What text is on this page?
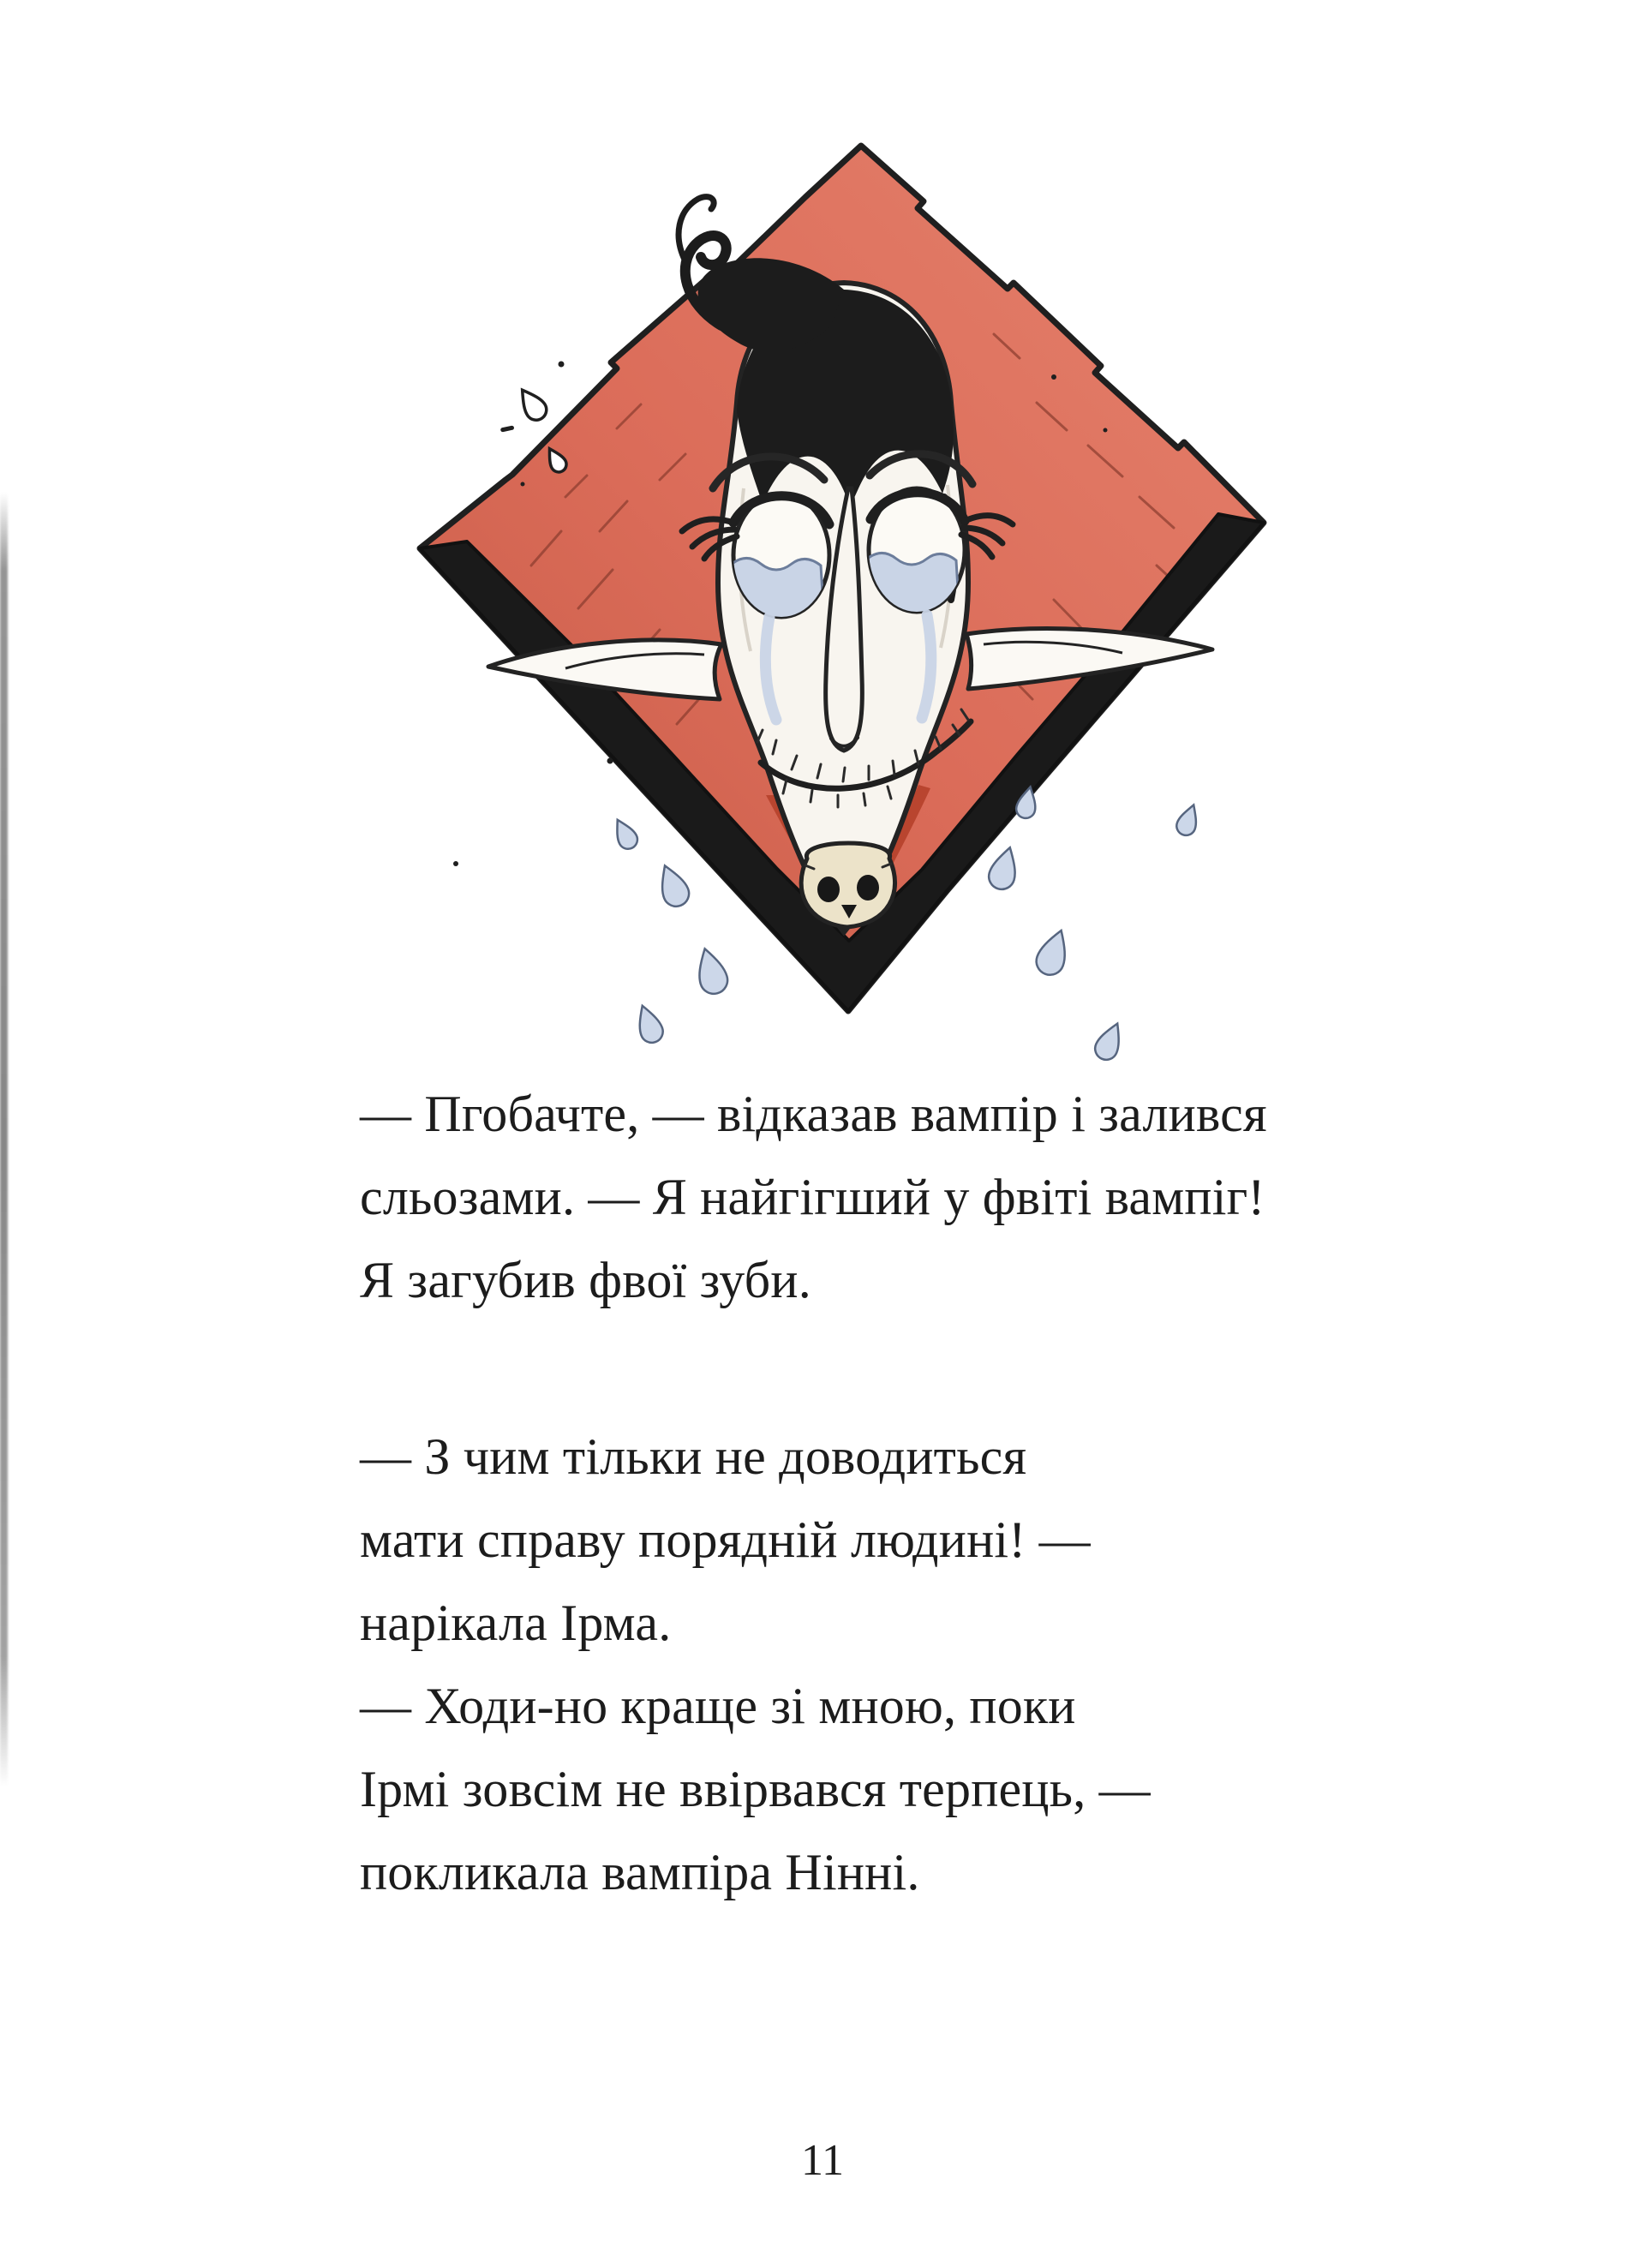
— Пгобачте, — відказав вампір і залився
сльозами. — Я найгігший у фвіті вампіг!
Я загубив фвої зуби.
— З чим тільки не доводиться
мати справу порядній людині! —
нарікала Ірма.
— Ходи-но краще зі мною, поки
Ірмі зовсім не ввірвався терпець, —
покликала вампіра Нінні.
11
